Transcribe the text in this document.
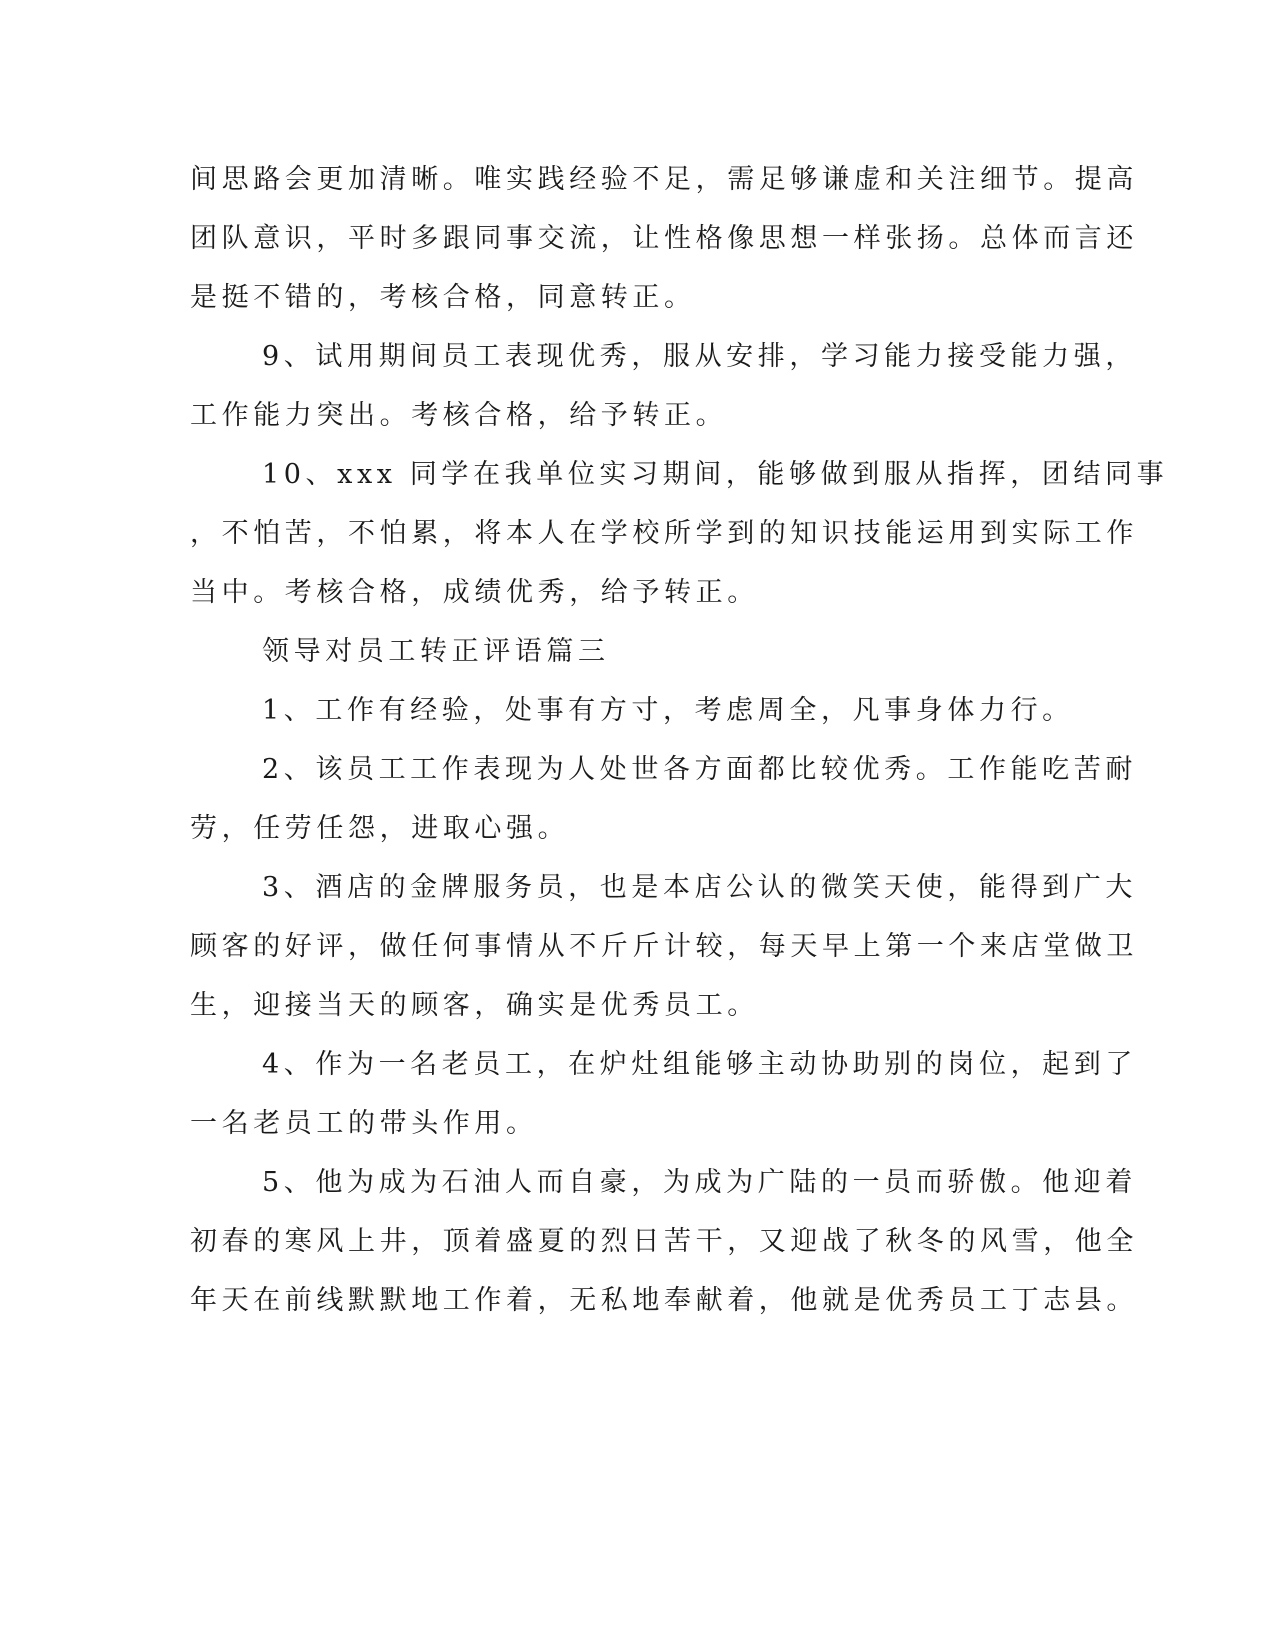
间思路会更加清晰。唯实践经验不足，需足够谦虚和关注细节。提高
团队意识，平时多跟同事交流，让性格像思想一样张扬。总体而言还
是挺不错的，考核合格，同意转正。
9、试用期间员工表现优秀，服从安排，学习能力接受能力强，
工作能力突出。考核合格，给予转正。
10、xxx 同学在我单位实习期间，能够做到服从指挥，团结同事
，不怕苦，不怕累，将本人在学校所学到的知识技能运用到实际工作
当中。考核合格，成绩优秀，给予转正。
领导对员工转正评语篇三
1、工作有经验，处事有方寸，考虑周全，凡事身体力行。
2、该员工工作表现为人处世各方面都比较优秀。工作能吃苦耐
劳，任劳任怨，进取心强。
3、酒店的金牌服务员，也是本店公认的微笑天使，能得到广大
顾客的好评，做任何事情从不斤斤计较，每天早上第一个来店堂做卫
生，迎接当天的顾客，确实是优秀员工。
4、作为一名老员工，在炉灶组能够主动协助别的岗位，起到了
一名老员工的带头作用。
5、他为成为石油人而自豪，为成为广陆的一员而骄傲。他迎着
初春的寒风上井，顶着盛夏的烈日苦干，又迎战了秋冬的风雪，他全
年天在前线默默地工作着，无私地奉献着，他就是优秀员工丁志县。
